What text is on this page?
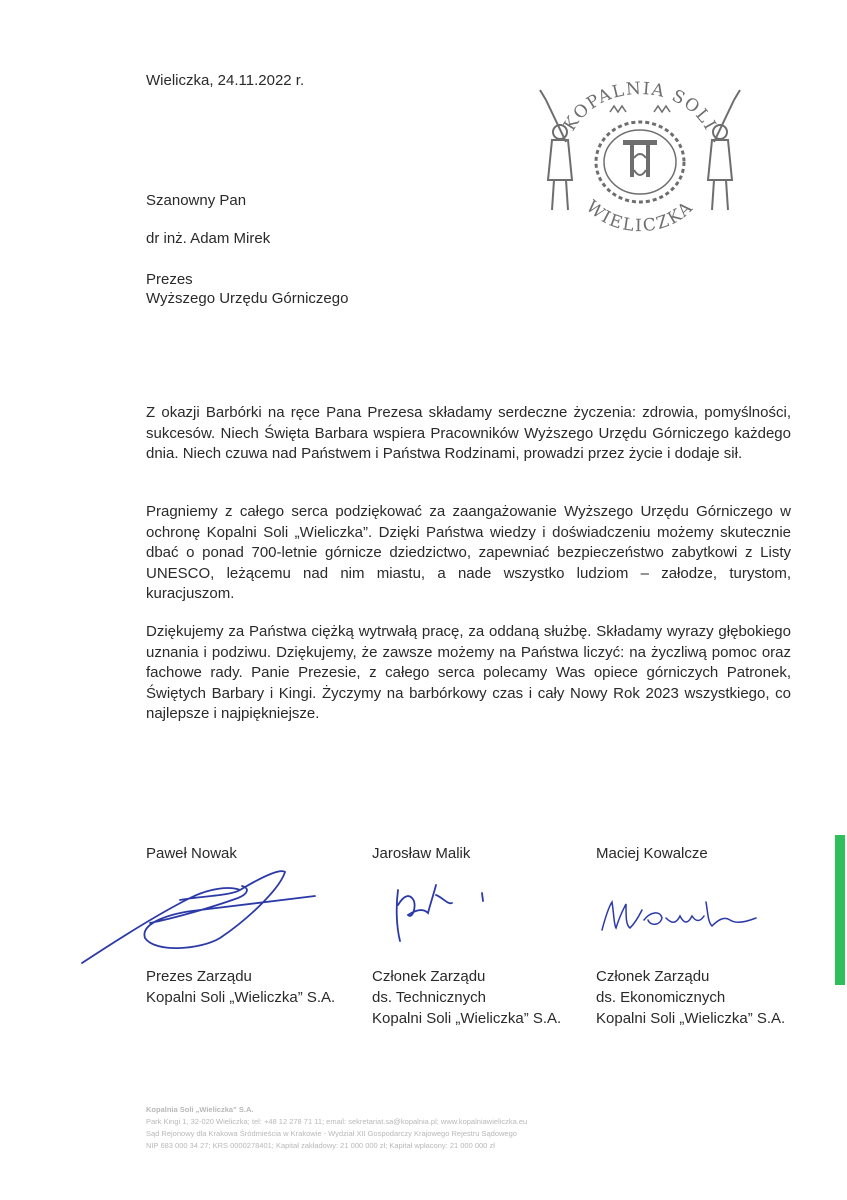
Wieliczka, 24.11.2022 r.
KOPALNIA SOLI
WIELICZKA
Szanowny Pan
dr inż. Adam Mirek
Prezes
Wyższego Urzędu Górniczego
Z okazji Barbórki na ręce Pana Prezesa składamy serdeczne życzenia: zdrowia, pomyślności, sukcesów. Niech Święta Barbara wspiera Pracowników Wyższego Urzędu Górniczego każdego dnia. Niech czuwa nad Państwem i Państwa Rodzinami, prowadzi przez życie i dodaje sił.
Pragniemy z całego serca podziękować za zaangażowanie Wyższego Urzędu Górniczego w ochronę Kopalni Soli „Wieliczka”. Dzięki Państwa wiedzy i doświadczeniu możemy skutecznie dbać o ponad 700-letnie górnicze dziedzictwo, zapewniać bezpieczeństwo zabytkowi z Listy UNESCO, leżącemu nad nim miastu, a nade wszystko ludziom – załodze, turystom, kuracjuszom.
Dziękujemy za Państwa ciężką wytrwałą pracę, za oddaną służbę. Składamy wyrazy głębokiego uznania i podziwu. Dziękujemy, że zawsze możemy na Państwa liczyć: na życzliwą pomoc oraz fachowe rady. Panie Prezesie, z całego serca polecamy Was opiece górniczych Patronek, Świętych Barbary i Kingi. Życzymy na barbórkowy czas i cały Nowy Rok 2023 wszystkiego, co najlepsze i najpiękniejsze.
Paweł Nowak	Jarosław Malik	Maciej Kowalcze
Prezes Zarządu
Kopalni Soli „Wieliczka” S.A.
Członek Zarządu
ds. Technicznych
Kopalni Soli „Wieliczka” S.A.
Członek Zarządu
ds. Ekonomicznych
Kopalni Soli „Wieliczka” S.A.
Kopalnia Soli „Wieliczka” S.A.
Park Kingi 1, 32-020 Wieliczka; tel: +48 12 278 71 11; email: sekretariat.sa@kopalnia.pl; www.kopalniawieliczka.eu
Sąd Rejonowy dla Krakowa Śródmieścia w Krakowie - Wydział XII Gospodarczy Krajowego Rejestru Sądowego
NIP 683 000 34 27; KRS 0000278401; Kapitał zakładowy: 21 000 000 zł; Kapitał wpłacony: 21 000 000 zł
